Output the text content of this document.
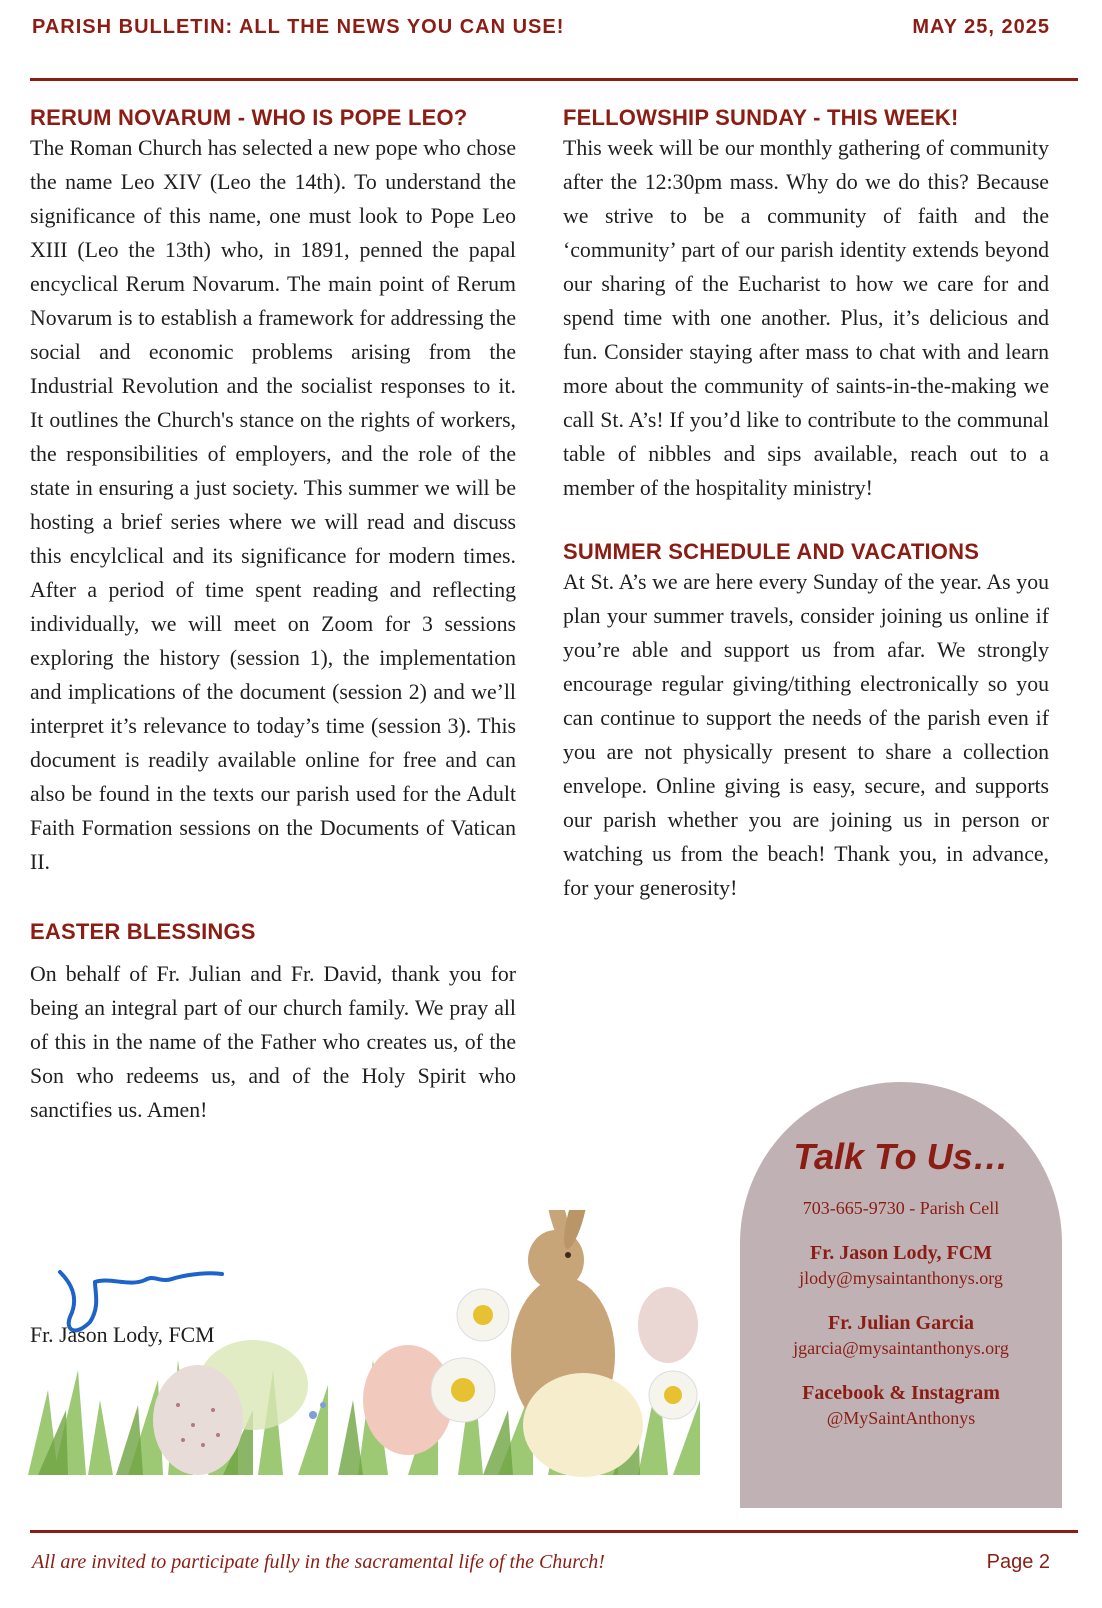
PARISH BULLETIN: ALL THE NEWS YOU CAN USE!	MAY 25, 2025
RERUM NOVARUM - WHO IS POPE LEO?

The Roman Church has selected a new pope who chose the name Leo XIV (Leo the 14th). To understand the significance of this name, one must look to Pope Leo XIII (Leo the 13th) who, in 1891, penned the papal encyclical Rerum Novarum. The main point of Rerum Novarum is to establish a framework for addressing the social and economic problems arising from the Industrial Revolution and the socialist responses to it. It outlines the Church's stance on the rights of workers, the responsibilities of employers, and the role of the state in ensuring a just society. This summer we will be hosting a brief series where we will read and discuss this encylclical and its significance for modern times. After a period of time spent reading and reflecting individually, we will meet on Zoom for 3 sessions exploring the history (session 1), the implementation and implications of the document (session 2) and we’ll interpret it’s relevance to today’s time (session 3). This document is readily available online for free and can also be found in the texts our parish used for the Adult Faith Formation sessions on the Documents of Vatican II.

EASTER BLESSINGS

On behalf of Fr. Julian and Fr. David, thank you for being an integral part of our church family. We pray all of this in the name of the Father who creates us, of the Son who redeems us, and of the Holy Spirit who sanctifies us. Amen!

FELLOWSHIP SUNDAY - THIS WEEK!

This week will be our monthly gathering of community after the 12:30pm mass. Why do we do this? Because we strive to be a community of faith and the ‘community’ part of our parish identity extends beyond our sharing of the Eucharist to how we care for and spend time with one another. Plus, it’s delicious and fun. Consider staying after mass to chat with and learn more about the community of saints-in-the-making we call St. A’s! If you’d like to contribute to the communal table of nibbles and sips available, reach out to a member of the hospitality ministry!

SUMMER SCHEDULE AND VACATIONS

At St. A’s we are here every Sunday of the year. As you plan your summer travels, consider joining us online if you’re able and support us from afar. We strongly encourage regular giving/tithing electronically so you can continue to support the needs of the parish even if you are not physically present to share a collection envelope. Online giving is easy, secure, and supports our parish whether you are joining us in person or watching us from the beach! Thank you, in advance, for your generosity!

Fr. Jason Lody, FCM
Talk To Us…
703-665-9730 - Parish Cell
Fr. Jason Lody, FCM
jlody@mysaintanthonys.org
Fr. Julian Garcia
jgarcia@mysaintanthonys.org
Facebook & Instagram
@MySaintAnthonys
All are invited to participate fully in the sacramental life of the Church!	Page 2
